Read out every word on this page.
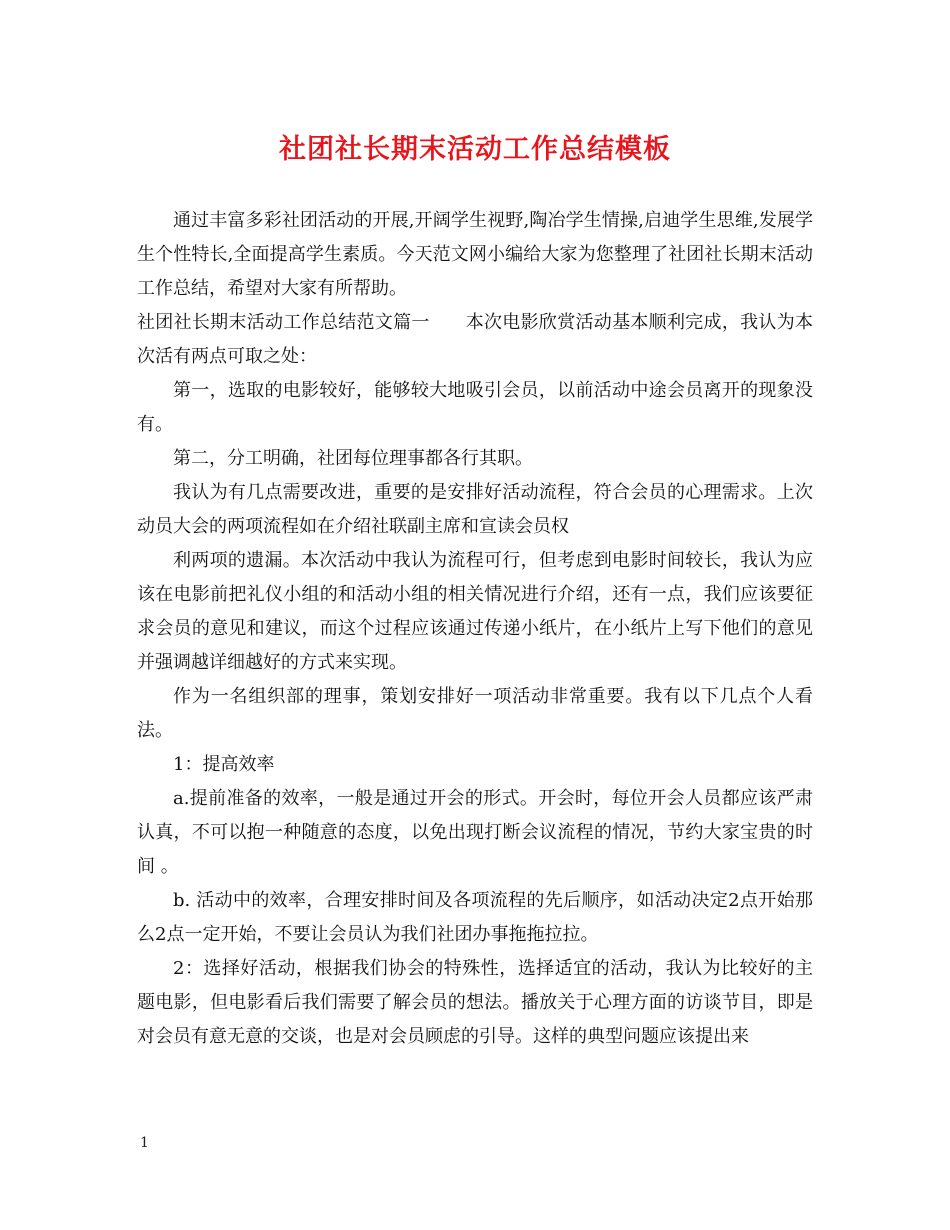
社团社长期末活动工作总结模板

通过丰富多彩社团活动的开展,开阔学生视野,陶冶学生情操,启迪学生思维,发展学生个性特长,全面提高学生素质。今天范文网小编给大家为您整理了社团社长期末活动工作总结，希望对大家有所帮助。

社团社长期末活动工作总结范文篇一 本次电影欣赏活动基本顺利完成，我认为本次活有两点可取之处：

第一，选取的电影较好，能够较大地吸引会员，以前活动中途会员离开的现象没有。

第二，分工明确，社团每位理事都各行其职。

我认为有几点需要改进，重要的是安排好活动流程，符合会员的心理需求。上次动员大会的两项流程如在介绍社联副主席和宣读会员权

利两项的遗漏。本次活动中我认为流程可行，但考虑到电影时间较长，我认为应该在电影前把礼仪小组的和活动小组的相关情况进行介绍，还有一点，我们应该要征求会员的意见和建议，而这个过程应该通过传递小纸片，在小纸片上写下他们的意见并强调越详细越好的方式来实现。

作为一名组织部的理事，策划安排好一项活动非常重要。我有以下几点个人看法。

1：提高效率

a.提前准备的效率，一般是通过开会的形式。开会时，每位开会人员都应该严肃认真，不可以抱一种随意的态度，以免出现打断会议流程的情况，节约大家宝贵的时间 。

b. 活动中的效率，合理安排时间及各项流程的先后顺序，如活动决定2点开始那么2点一定开始，不要让会员认为我们社团办事拖拖拉拉。

2：选择好活动，根据我们协会的特殊性，选择适宜的活动，我认为比较好的主题电影，但电影看后我们需要了解会员的想法。播放关于心理方面的访谈节目，即是对会员有意无意的交谈，也是对会员顾虑的引导。这样的典型问题应该提出来

1
